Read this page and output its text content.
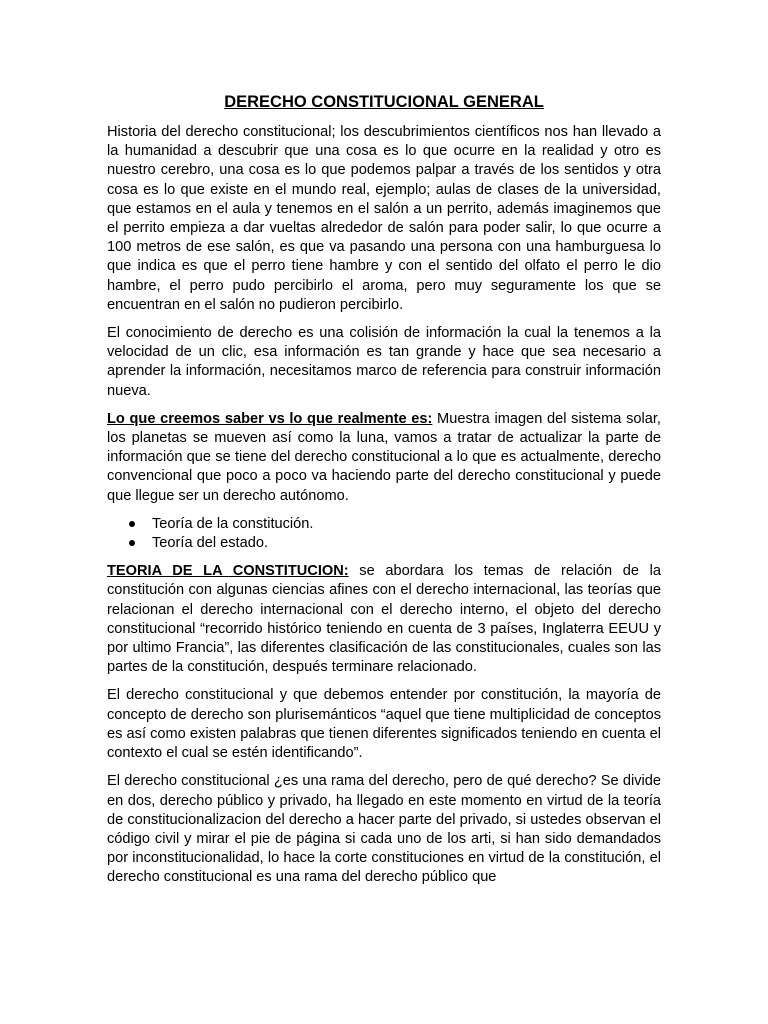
DERECHO CONSTITUCIONAL GENERAL

Historia del derecho constitucional; los descubrimientos científicos nos han llevado a la humanidad a descubrir que una cosa es lo que ocurre en la realidad y otro es nuestro cerebro, una cosa es lo que podemos palpar a través de los sentidos y otra cosa es lo que existe en el mundo real, ejemplo; aulas de clases de la universidad, que estamos en el aula y tenemos en el salón a un perrito, además imaginemos que el perrito empieza a dar vueltas alrededor de salón para poder salir, lo que ocurre a 100 metros de ese salón, es que va pasando una persona con una hamburguesa lo que indica es que el perro tiene hambre y con el sentido del olfato el perro le dio hambre, el perro pudo percibirlo el aroma, pero muy seguramente los que se encuentran en el salón no pudieron percibirlo.

El conocimiento de derecho es una colisión de información la cual la tenemos a la velocidad de un clic, esa información es tan grande y hace que sea necesario a aprender la información, necesitamos marco de referencia para construir información nueva.

Lo que creemos saber vs lo que realmente es: Muestra imagen del sistema solar, los planetas se mueven así como la luna, vamos a tratar de actualizar la parte de información que se tiene del derecho constitucional a lo que es actualmente, derecho convencional que poco a poco va haciendo parte del derecho constitucional y puede que llegue ser un derecho autónomo.

Teoría de la constitución.
Teoría del estado.

TEORIA DE LA CONSTITUCION: se abordara los temas de relación de la constitución con algunas ciencias afines con el derecho internacional, las teorías que relacionan el derecho internacional con el derecho interno, el objeto del derecho constitucional “recorrido histórico teniendo en cuenta de 3 países, Inglaterra EEUU y por ultimo Francia”, las diferentes clasificación de las constitucionales, cuales son las partes de la constitución, después terminare relacionado.

El derecho constitucional y que debemos entender por constitución, la mayoría de concepto de derecho son plurisemánticos “aquel que tiene multiplicidad de conceptos es así como existen palabras que tienen diferentes significados teniendo en cuenta el contexto el cual se estén identificando”.

El derecho constitucional ¿es una rama del derecho, pero de qué derecho? Se divide en dos, derecho público y privado, ha llegado en este momento en virtud de la teoría de constitucionalizacion del derecho a hacer parte del privado, si ustedes observan el código civil y mirar el pie de página si cada uno de los arti, si han sido demandados por inconstitucionalidad, lo hace la corte constituciones en virtud de la constitución, el derecho constitucional es una rama del derecho público que
